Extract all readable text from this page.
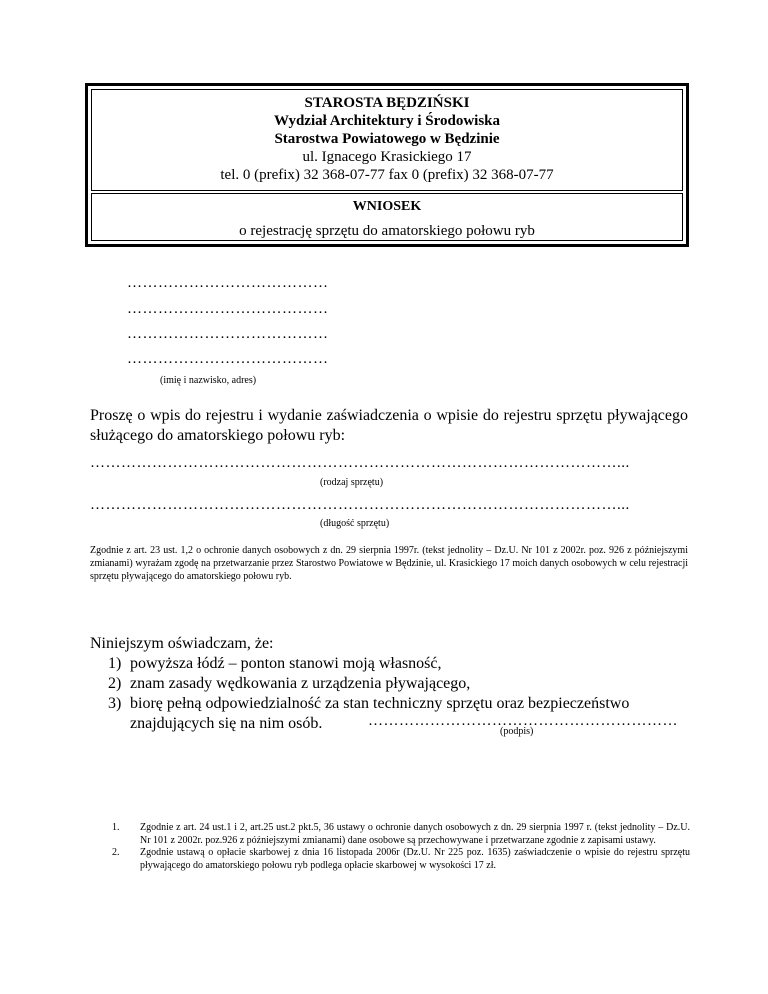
STAROSTA BĘDZIŃSKI
Wydział Architektury i Środowiska
Starostwa Powiatowego w Będzinie
ul. Ignacego Krasickiego 17
tel. 0 (prefix) 32 368-07-77 fax 0 (prefix) 32 368-07-77
WNIOSEK
o rejestrację sprzętu do amatorskiego połowu ryb
…………………………………
…………………………………
…………………………………
…………………………………
(imię i nazwisko, adres)
Proszę o wpis do rejestru i wydanie zaświadczenia o wpisie do rejestru sprzętu pływającego służącego do amatorskiego połowu ryb:
…………………………………………………………………………………………...
(rodzaj sprzętu)
…………………………………………………………………………………………...
(długość sprzętu)
Zgodnie z art. 23 ust. 1,2 o ochronie danych osobowych z dn. 29 sierpnia 1997r. (tekst jednolity – Dz.U. Nr 101 z 2002r. poz. 926 z późniejszymi zmianami) wyrażam zgodę na przetwarzanie przez Starostwo Powiatowe w Będzinie, ul. Krasickiego 17 moich danych osobowych w celu rejestracji sprzętu pływającego do amatorskiego połowu ryb.
Niniejszym oświadczam, że:
1) powyższa łódź – ponton stanowi moją własność,
2) znam zasady wędkowania z urządzenia pływającego,
3) biorę pełną odpowiedzialność za stan techniczny sprzętu oraz bezpieczeństwo znajdujących się na nim osób.	……………………………………………………
(podpis)
1. Zgodnie z art. 24 ust.1 i 2, art.25 ust.2 pkt.5, 36 ustawy o ochronie danych osobowych z dn. 29 sierpnia 1997 r. (tekst jednolity – Dz.U. Nr 101 z 2002r. poz.926 z późniejszymi zmianami) dane osobowe są przechowywane i przetwarzane zgodnie z zapisami ustawy.
2. Zgodnie ustawą o opłacie skarbowej z dnia 16 listopada 2006r (Dz.U. Nr 225 poz. 1635) zaświadczenie o wpisie do rejestru sprzętu pływającego do amatorskiego połowu ryb podlega opłacie skarbowej w wysokości 17 zł.
